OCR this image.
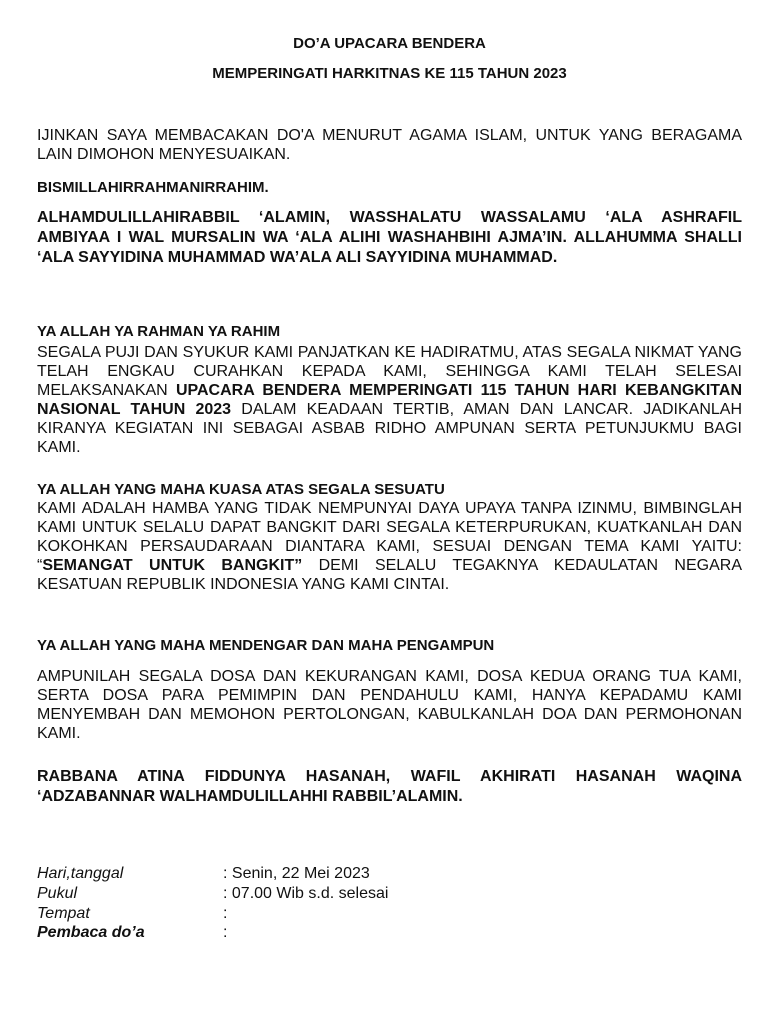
DO’A UPACARA BENDERA
MEMPERINGATI HARKITNAS KE 115 TAHUN 2023
IJINKAN SAYA MEMBACAKAN DO'A MENURUT AGAMA ISLAM, UNTUK YANG BERAGAMA LAIN DIMOHON MENYESUAIKAN.
BISMILLAHIRRAHMANIRRAHIM.
ALHAMDULILLAHIRABBIL ‘ALAMIN, WASSHALATU WASSALAMU ‘ALA ASHRAFIL AMBIYAA I WAL MURSALIN WA ‘ALA ALIHI WASHAHBIHI AJMA’IN. ALLAHUMMA SHALLI ‘ALA SAYYIDINA MUHAMMAD WA’ALA ALI SAYYIDINA MUHAMMAD.
YA ALLAH YA RAHMAN YA RAHIM
SEGALA PUJI DAN SYUKUR KAMI PANJATKAN KE HADIRATMU, ATAS SEGALA NIKMAT YANG TELAH ENGKAU CURAHKAN KEPADA KAMI, SEHINGGA KAMI TELAH SELESAI MELAKSANAKAN UPACARA BENDERA MEMPERINGATI 115 TAHUN HARI KEBANGKITAN NASIONAL TAHUN 2023 DALAM KEADAAN TERTIB, AMAN DAN LANCAR. JADIKANLAH KIRANYA KEGIATAN INI SEBAGAI ASBAB RIDHO AMPUNAN SERTA PETUNJUKMU BAGI KAMI.
YA ALLAH YANG MAHA KUASA ATAS SEGALA SESUATU
KAMI ADALAH HAMBA YANG TIDAK NEMPUNYAI DAYA UPAYA TANPA IZINMU, BIMBINGLAH KAMI UNTUK SELALU DAPAT BANGKIT DARI SEGALA KETERPURUKAN, KUATKANLAH DAN KOKOHKAN PERSAUDARAAN DIANTARA KAMI, SESUAI DENGAN TEMA KAMI YAITU: “SEMANGAT UNTUK BANGKIT” DEMI SELALU TEGAKNYA KEDAULATAN NEGARA KESATUAN REPUBLIK INDONESIA YANG KAMI CINTAI.
YA ALLAH YANG MAHA MENDENGAR DAN MAHA PENGAMPUN
AMPUNILAH SEGALA DOSA DAN KEKURANGAN KAMI, DOSA KEDUA ORANG TUA KAMI, SERTA DOSA PARA PEMIMPIN DAN PENDAHULU KAMI, HANYA KEPADAMU KAMI MENYEMBAH DAN MEMOHON PERTOLONGAN, KABULKANLAH DOA DAN PERMOHONAN KAMI.
RABBANA ATINA FIDDUNYA HASANAH, WAFIL AKHIRATI HASANAH WAQINA ‘ADZABANNAR WALHAMDULILLAHHI RABBIL’ALAMIN.
Hari,tanggal	: Senin, 22 Mei 2023
Pukul	: 07.00 Wib s.d. selesai
Tempat	:
Pembaca do’a	:
